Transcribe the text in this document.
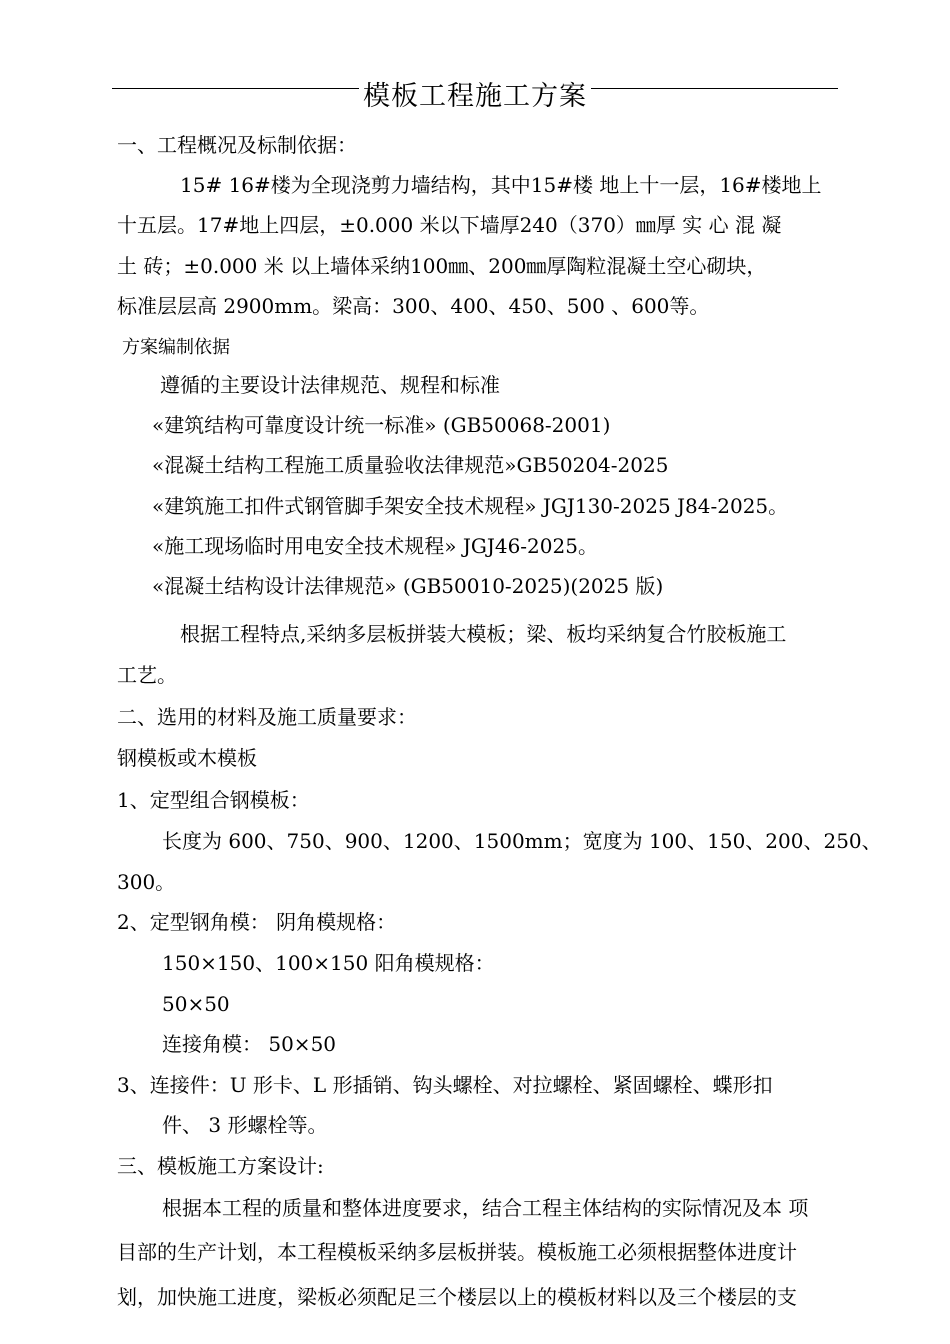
模板工程施工方案
一、工程概况及标制依据：
15# 16#楼为全现浇剪力墙结构，其中15#楼 地上十一层，16#楼地上
十五层。17#地上四层，±0.000 米以下墙厚240（370）㎜厚 实 心 混 凝
土 砖；±0.000 米 以上墙体采纳100㎜、200㎜厚陶粒混凝土空心砌块，
标准层层高 2900mm。梁高：300、400、450、500 、600等。
方案编制依据
遵循的主要设计法律规范、规程和标准
«建筑结构可靠度设计统一标准» (GB50068-2001)
«混凝土结构工程施工质量验收法律规范»GB50204-2025
«建筑施工扣件式钢管脚手架安全技术规程» JGJ130-2025 J84-2025。
«施工现场临时用电安全技术规程» JGJ46-2025。
«混凝土结构设计法律规范» (GB50010-2025)(2025 版)
根据工程特点,采纳多层板拼装大模板；梁、板均采纳复合竹胶板施工
工艺。
二、选用的材料及施工质量要求：
钢模板或木模板
1、定型组合钢模板：
长度为 600、750、900、1200、1500mm；宽度为 100、150、200、250、
300。
2、定型钢角模： 阴角模规格：
150×150、100×150 阳角模规格：
50×50
连接角模： 50×50
3、连接件：U 形卡、L 形插销、钩头螺栓、对拉螺栓、紧固螺栓、蝶形扣
件、 3 形螺栓等。
三、模板施工方案设计:
根据本工程的质量和整体进度要求，结合工程主体结构的实际情况及本 项
目部的生产计划，本工程模板采纳多层板拼装。模板施工必须根据整体进度计
划，加快施工进度，梁板必须配足三个楼层以上的模板材料以及三个楼层的支
